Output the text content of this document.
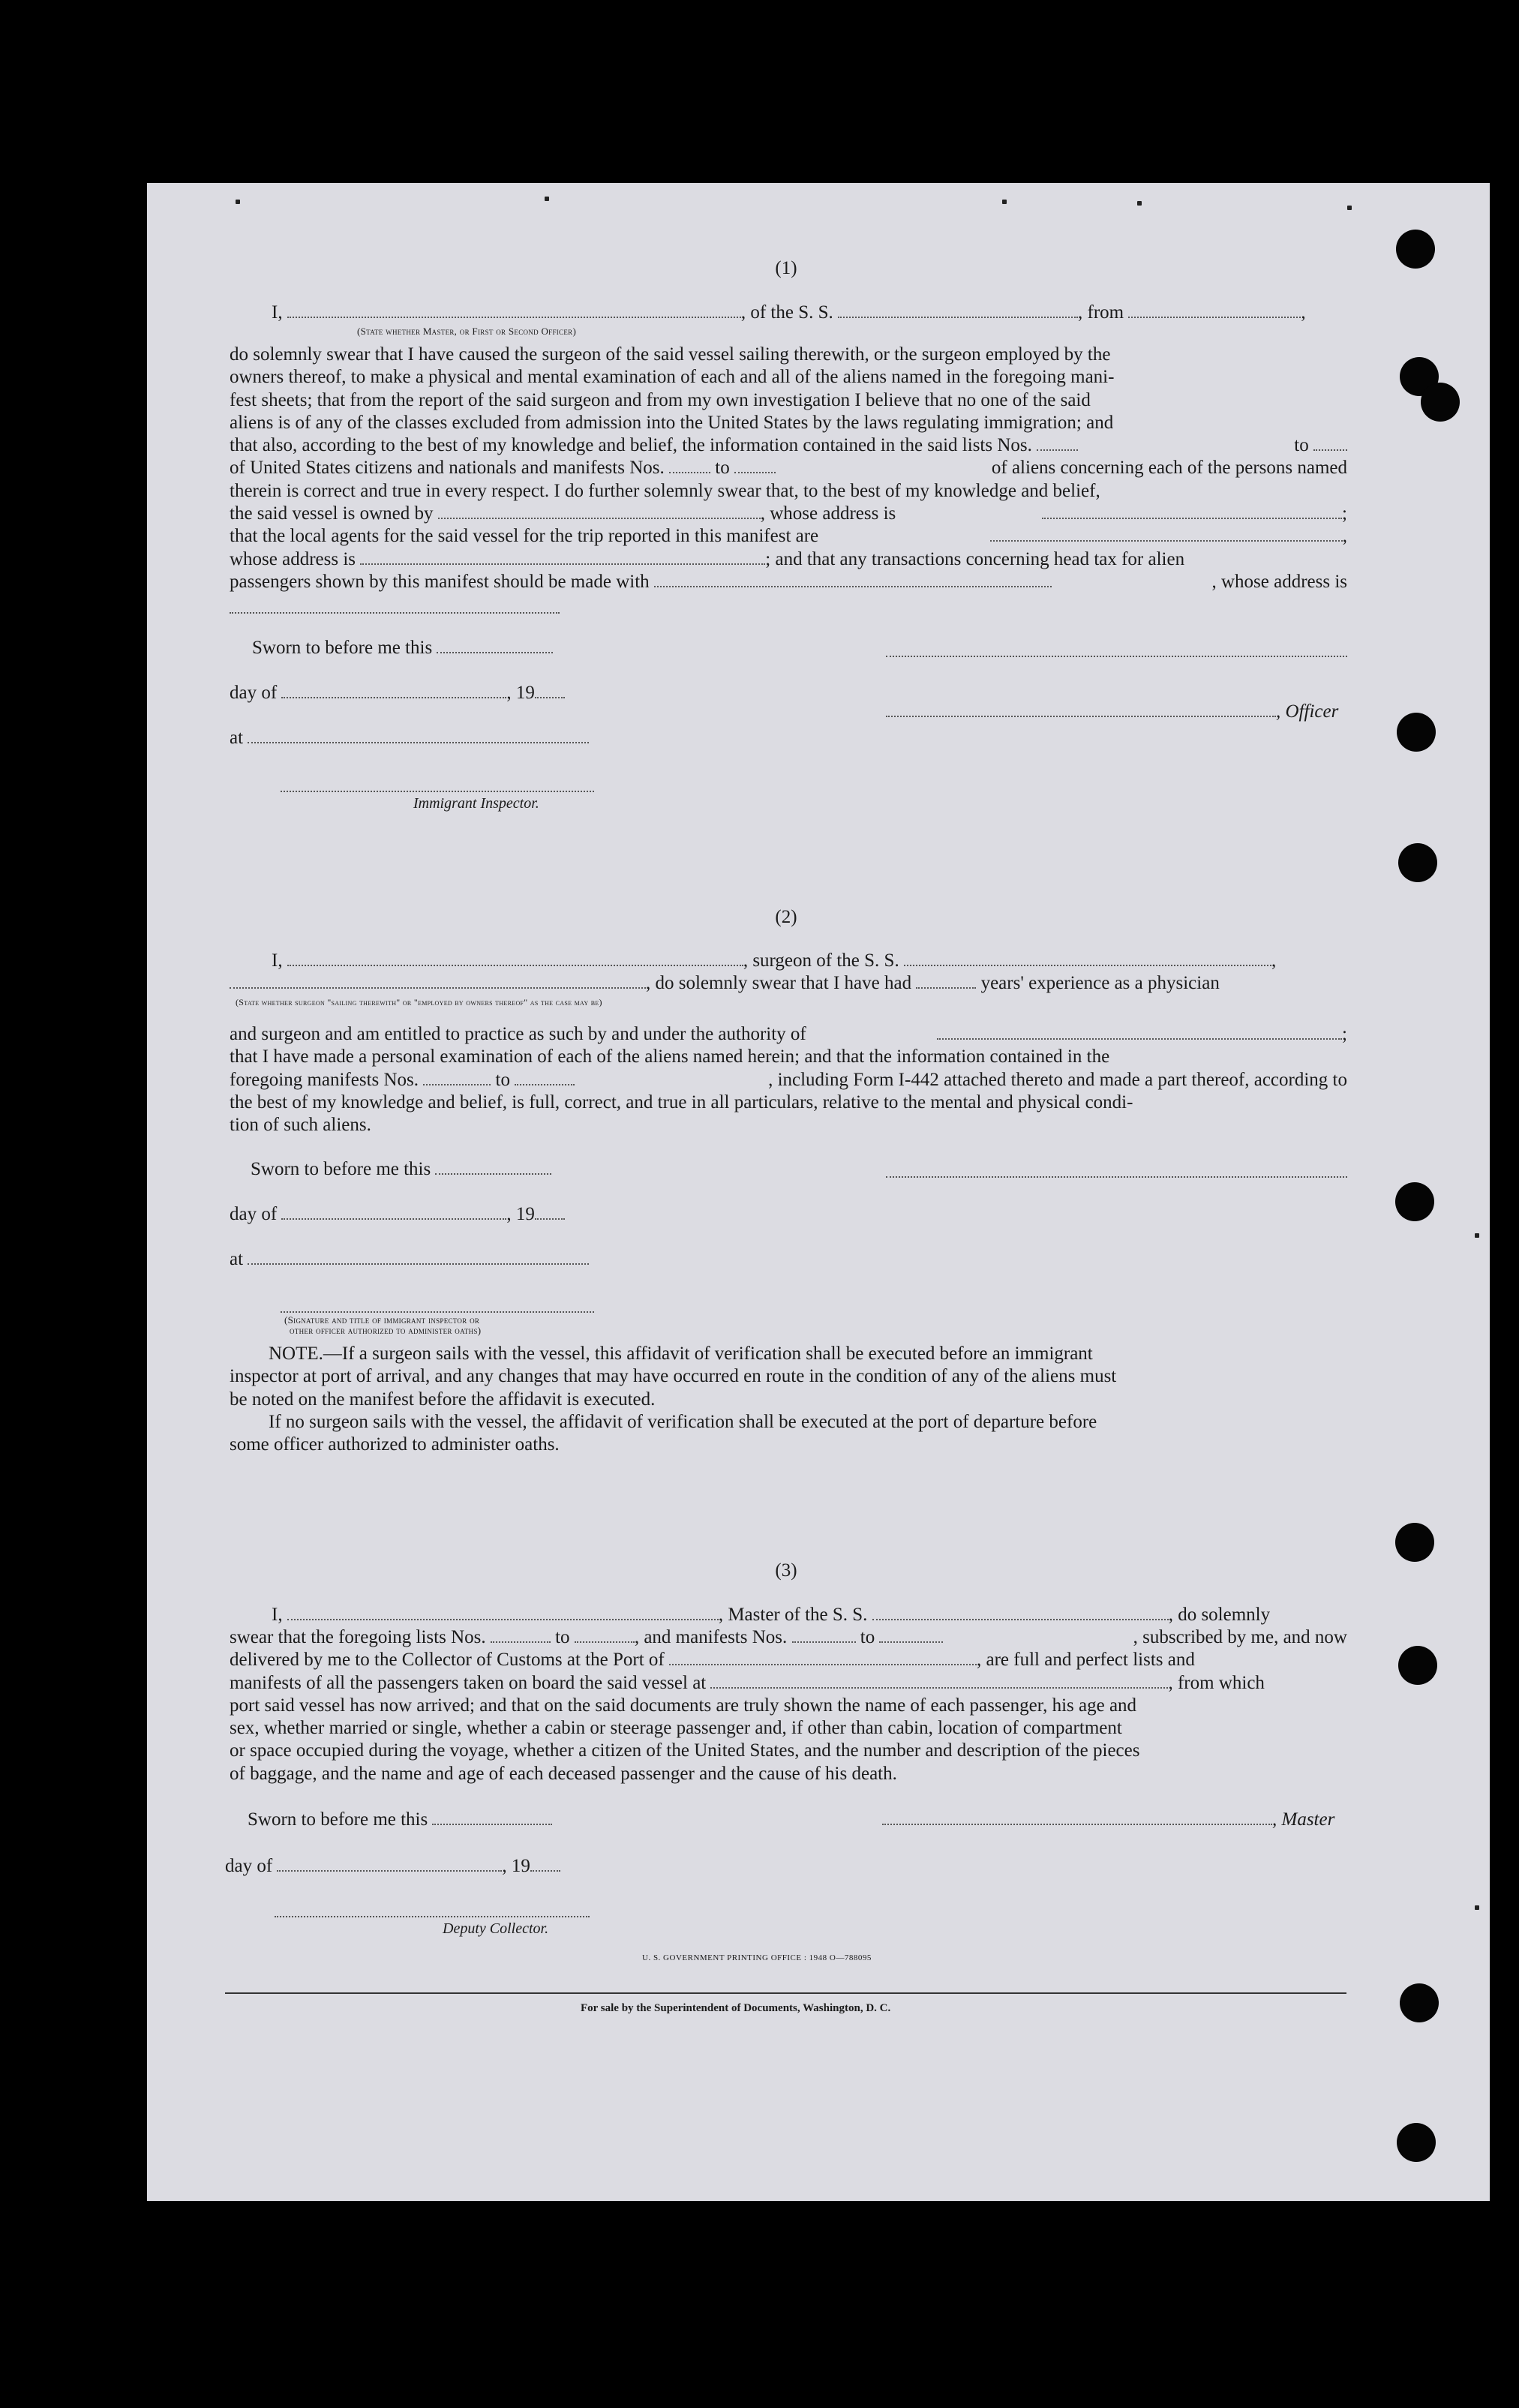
(1)
I,	, of the S. S.	, from	,
(State whether Master, or First or Second Officer)
do solemnly swear that I have caused the surgeon of the said vessel sailing therewith, or the surgeon employed by the
owners thereof, to make a physical and mental examination of each and all of the aliens named in the foregoing mani-
fest sheets; that from the report of the said surgeon and from my own investigation I believe that no one of the said
aliens is of any of the classes excluded from admission into the United States by the laws regulating immigration; and
that also, according to the best of my knowledge and belief, the information contained in the said lists Nos.	to
of United States citizens and nationals and manifests Nos.	to	of aliens concerning each of the persons named
therein is correct and true in every respect. I do further solemnly swear that, to the best of my knowledge and belief,
the said vessel is owned by	, whose address is	;
that the local agents for the said vessel for the trip reported in this manifest are	,
whose address is	; and that any transactions concerning head tax for alien
passengers shown by this manifest should be made with	, whose address is
Sworn to before me this
day of	, 19
, Officer
at
Immigrant Inspector.
(2)
I,	, surgeon of the S. S.	,
, do solemnly swear that I have had	years' experience as a physician
(State whether surgeon "sailing therewith" or "employed by owners thereof" as the case may be)
and surgeon and am entitled to practice as such by and under the authority of	;
that I have made a personal examination of each of the aliens named herein; and that the information contained in the
foregoing manifests Nos.	to	, including Form I-442 attached thereto and made a part thereof, according to
the best of my knowledge and belief, is full, correct, and true in all particulars, relative to the mental and physical condi-
tion of such aliens.
Sworn to before me this
day of	, 19
at
(Signature and title of immigrant inspector or
other officer authorized to administer oaths)
NOTE.—If a surgeon sails with the vessel, this affidavit of verification shall be executed before an immigrant
inspector at port of arrival, and any changes that may have occurred en route in the condition of any of the aliens must
be noted on the manifest before the affidavit is executed.
If no surgeon sails with the vessel, the affidavit of verification shall be executed at the port of departure before
some officer authorized to administer oaths.
(3)
I,	, Master of the S. S.	, do solemnly
swear that the foregoing lists Nos.	to	, and manifests Nos.	to	, subscribed by me, and now
delivered by me to the Collector of Customs at the Port of	, are full and perfect lists and
manifests of all the passengers taken on board the said vessel at	, from which
port said vessel has now arrived; and that on the said documents are truly shown the name of each passenger, his age and
sex, whether married or single, whether a cabin or steerage passenger and, if other than cabin, location of compartment
or space occupied during the voyage, whether a citizen of the United States, and the number and description of the pieces
of baggage, and the name and age of each deceased passenger and the cause of his death.
Sworn to before me this	, Master
day of	, 19
Deputy Collector.
U. S. GOVERNMENT PRINTING OFFICE : 1948 O—788095
For sale by the Superintendent of Documents, Washington, D. C.
